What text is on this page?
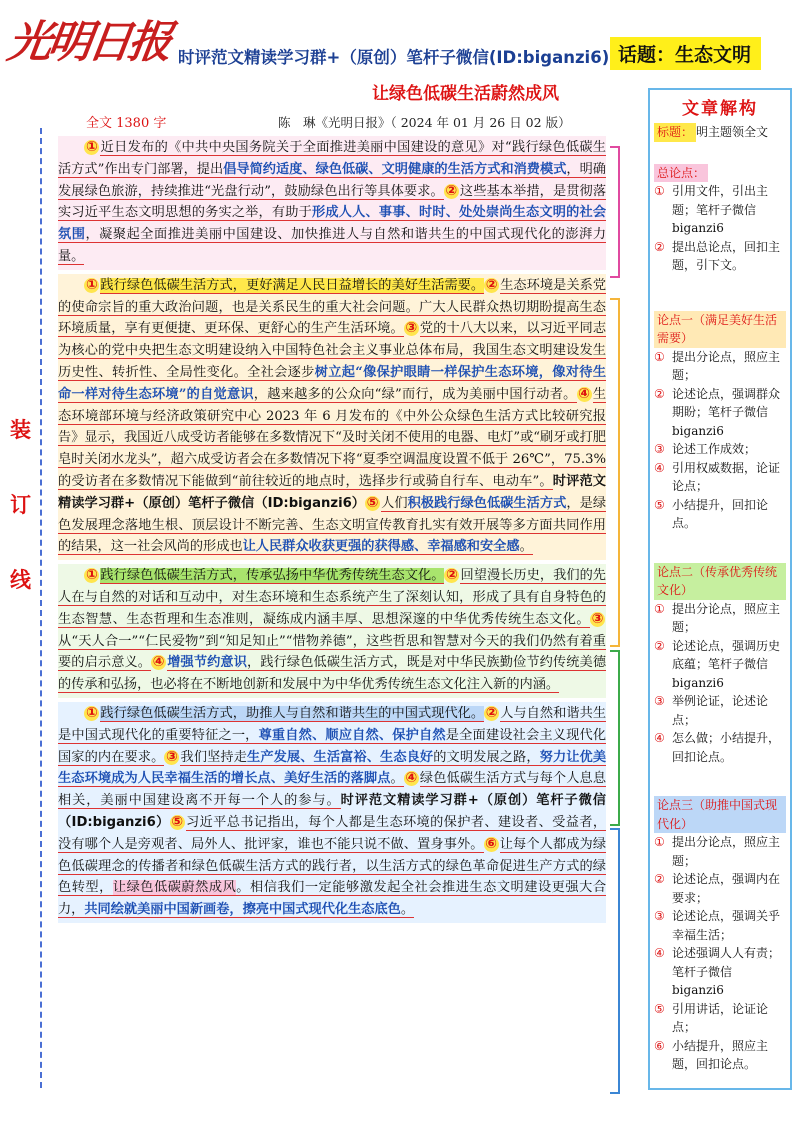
光明日报 时评范文精读学习群+（原创）笔杆子微信(ID:biganzi6) 话题：生态文明
让绿色低碳生活蔚然成风
全文 1380 字	陈　琳《光明日报》（ 2024 年 01 月 26 日 02 版）
装
订
线
① 近日发布的《中共中央国务院关于全面推进美丽中国建设的意见》对“践行绿色低碳生活方式”作出专门部署，提出倡导简约适度、绿色低碳、文明健康的生活方式和消费模式，明确发展绿色旅游，持续推进“光盘行动”，鼓励绿色出行等具体要求。 ② 这些基本举措，是贯彻落实习近平生态文明思想的务实之举，有助于形成人人、事事、时时、处处崇尚生态文明的社会氛围，凝聚起全面推进美丽中国建设、加快推进人与自然和谐共生的中国式现代化的澎湃力量。
① 践行绿色低碳生活方式，更好满足人民日益增长的美好生活需要。 ② 生态环境是关系党的使命宗旨的重大政治问题，也是关系民生的重大社会问题。广大人民群众热切期盼提高生态环境质量，享有更便捷、更环保、更舒心的生产生活环境。 ③ 党的十八大以来，以习近平同志为核心的党中央把生态文明建设纳入中国特色社会主义事业总体布局，我国生态文明建设发生历史性、转折性、全局性变化。全社会逐步树立起“像保护眼睛一样保护生态环境，像对待生命一样对待生态环境”的自觉意识，越来越多的公众向“绿”而行，成为美丽中国行动者。 ④ 生态环境部环境与经济政策研究中心 2023 年 6 月发布的《中外公众绿色生活方式比较研究报告》显示，我国近八成受访者能够在多数情况下“及时关闭不使用的电器、电灯”或“刷牙或打肥皂时关闭水龙头”，超六成受访者会在多数情况下将“夏季空调温度设置不低于 26℃”，75.3% 的受访者在多数情况下能做到“前往较近的地点时，选择步行或骑自行车、电动车”。时评范文精读学习群+（原创）笔杆子微信（ID:biganzi6） ⑤ 人们积极践行绿色低碳生活方式，是绿色发展理念落地生根、顶层设计不断完善、生态文明宣传教育扎实有效开展等多方面共同作用的结果，这一社会风尚的形成也让人民群众收获更强的获得感、幸福感和安全感。
① 践行绿色低碳生活方式，传承弘扬中华优秀传统生态文化。 ② 回望漫长历史，我们的先人在与自然的对话和互动中，对生态环境和生态系统产生了深刻认知，形成了具有自身特色的生态智慧、生态哲理和生态准则，凝练成内涵丰厚、思想深邃的中华优秀传统生态文化。 ③从“天人合一”“仁民爱物”到“知足知止”“惜物养德”，这些哲思和智慧对今天的我们仍然有着重要的启示意义。 ④ 增强节约意识，践行绿色低碳生活方式，既是对中华民族勤俭节约传统美德的传承和弘扬，也必将在不断地创新和发展中为中华优秀传统生态文化注入新的内涵。
① 践行绿色低碳生活方式，助推人与自然和谐共生的中国式现代化。 ② 人与自然和谐共生是中国式现代化的重要特征之一，尊重自然、顺应自然、保护自然是全面建设社会主义现代化国家的内在要求。 ③ 我们坚持走生产发展、生活富裕、生态良好的文明发展之路，努力让优美生态环境成为人民幸福生活的增长点、美好生活的落脚点。 ④ 绿色低碳生活方式与每个人息息相关，美丽中国建设离不开每一个人的参与。时评范文精读学习群+（原创）笔杆子微信（ID:biganzi6） ⑤ 习近平总书记指出，每个人都是生态环境的保护者、建设者、受益者，没有哪个人是旁观者、局外人、批评家，谁也不能只说不做、置身事外。 ⑥ 让每个人都成为绿色低碳理念的传播者和绿色低碳生活方式的践行者，以生活方式的绿色革命促进生产方式的绿色转型，让绿色低碳蔚然成风。相信我们一定能够激发起全社会推进生态文明建设更强大合力，共同绘就美丽中国新画卷，擦亮中国式现代化生态底色。
文章解构
标题： 明主题领全文
总论点：
① 引用文件，引出主题；笔杆子微信 biganzi6
② 提出总论点，回扣主题，引下文。
论点一（满足美好生活需要）
① 提出分论点，照应主题；
② 论述论点，强调群众期盼；笔杆子微信 biganzi6
③ 论述工作成效；
④ 引用权威数据，论证论点；
⑤ 小结提升，回扣论点。
论点二（传承优秀传统文化）
① 提出分论点，照应主题；
② 论述论点，强调历史底蕴；笔杆子微信 biganzi6
③ 举例论证，论述论点；
④ 怎么做；小结提升，回扣论点。
论点三（助推中国式现代化）
① 提出分论点，照应主题；
② 论述论点，强调内在要求；
③ 论述论点，强调关乎幸福生活；
④ 论述强调人人有责；笔杆子微信 biganzi6
⑤ 引用讲话，论证论点；
⑥ 小结提升，照应主题，回扣论点。
